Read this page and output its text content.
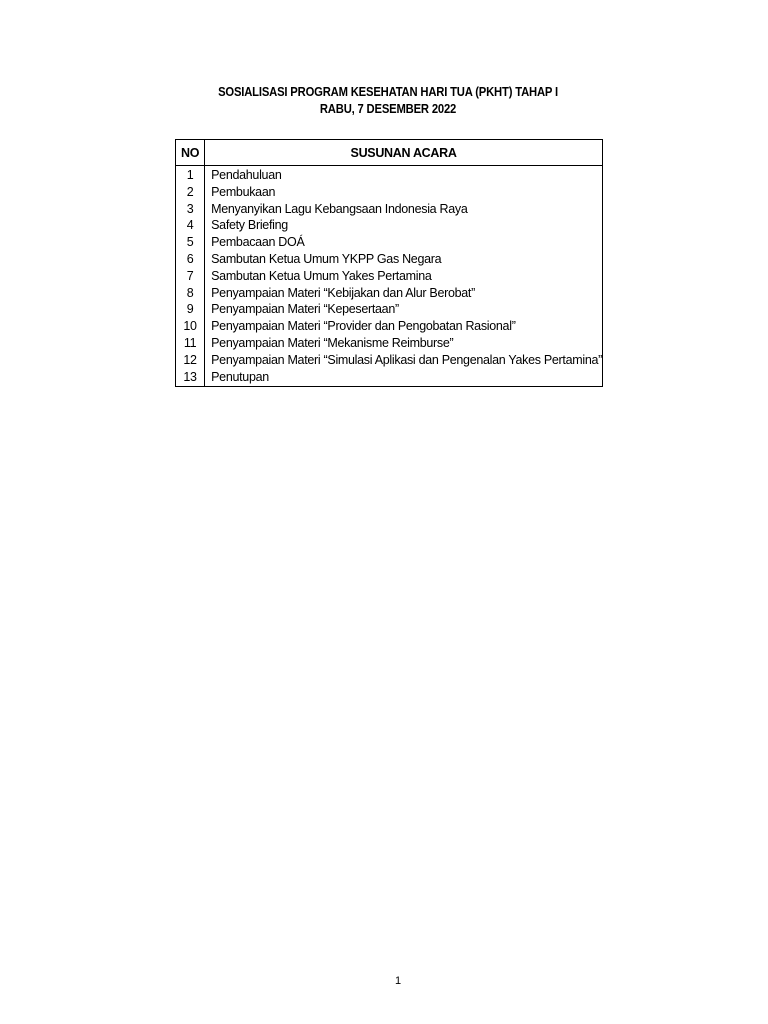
SOSIALISASI PROGRAM KESEHATAN HARI TUA (PKHT) TAHAP I
RABU, 7 DESEMBER 2022
NO	SUSUNAN ACARA
1	Pendahuluan
2	Pembukaan
3	Menyanyikan Lagu Kebangsaan Indonesia Raya
4	Safety Briefing
5	Pembacaan DOÁ
6	Sambutan Ketua Umum YKPP Gas Negara
7	Sambutan Ketua Umum Yakes Pertamina
8	Penyampaian Materi “Kebijakan dan Alur Berobat”
9	Penyampaian Materi “Kepesertaan”
10	Penyampaian Materi “Provider dan Pengobatan Rasional”
11	Penyampaian Materi “Mekanisme Reimburse”
12	Penyampaian Materi “Simulasi Aplikasi dan Pengenalan Yakes Pertamina”
13	Penutupan
1
